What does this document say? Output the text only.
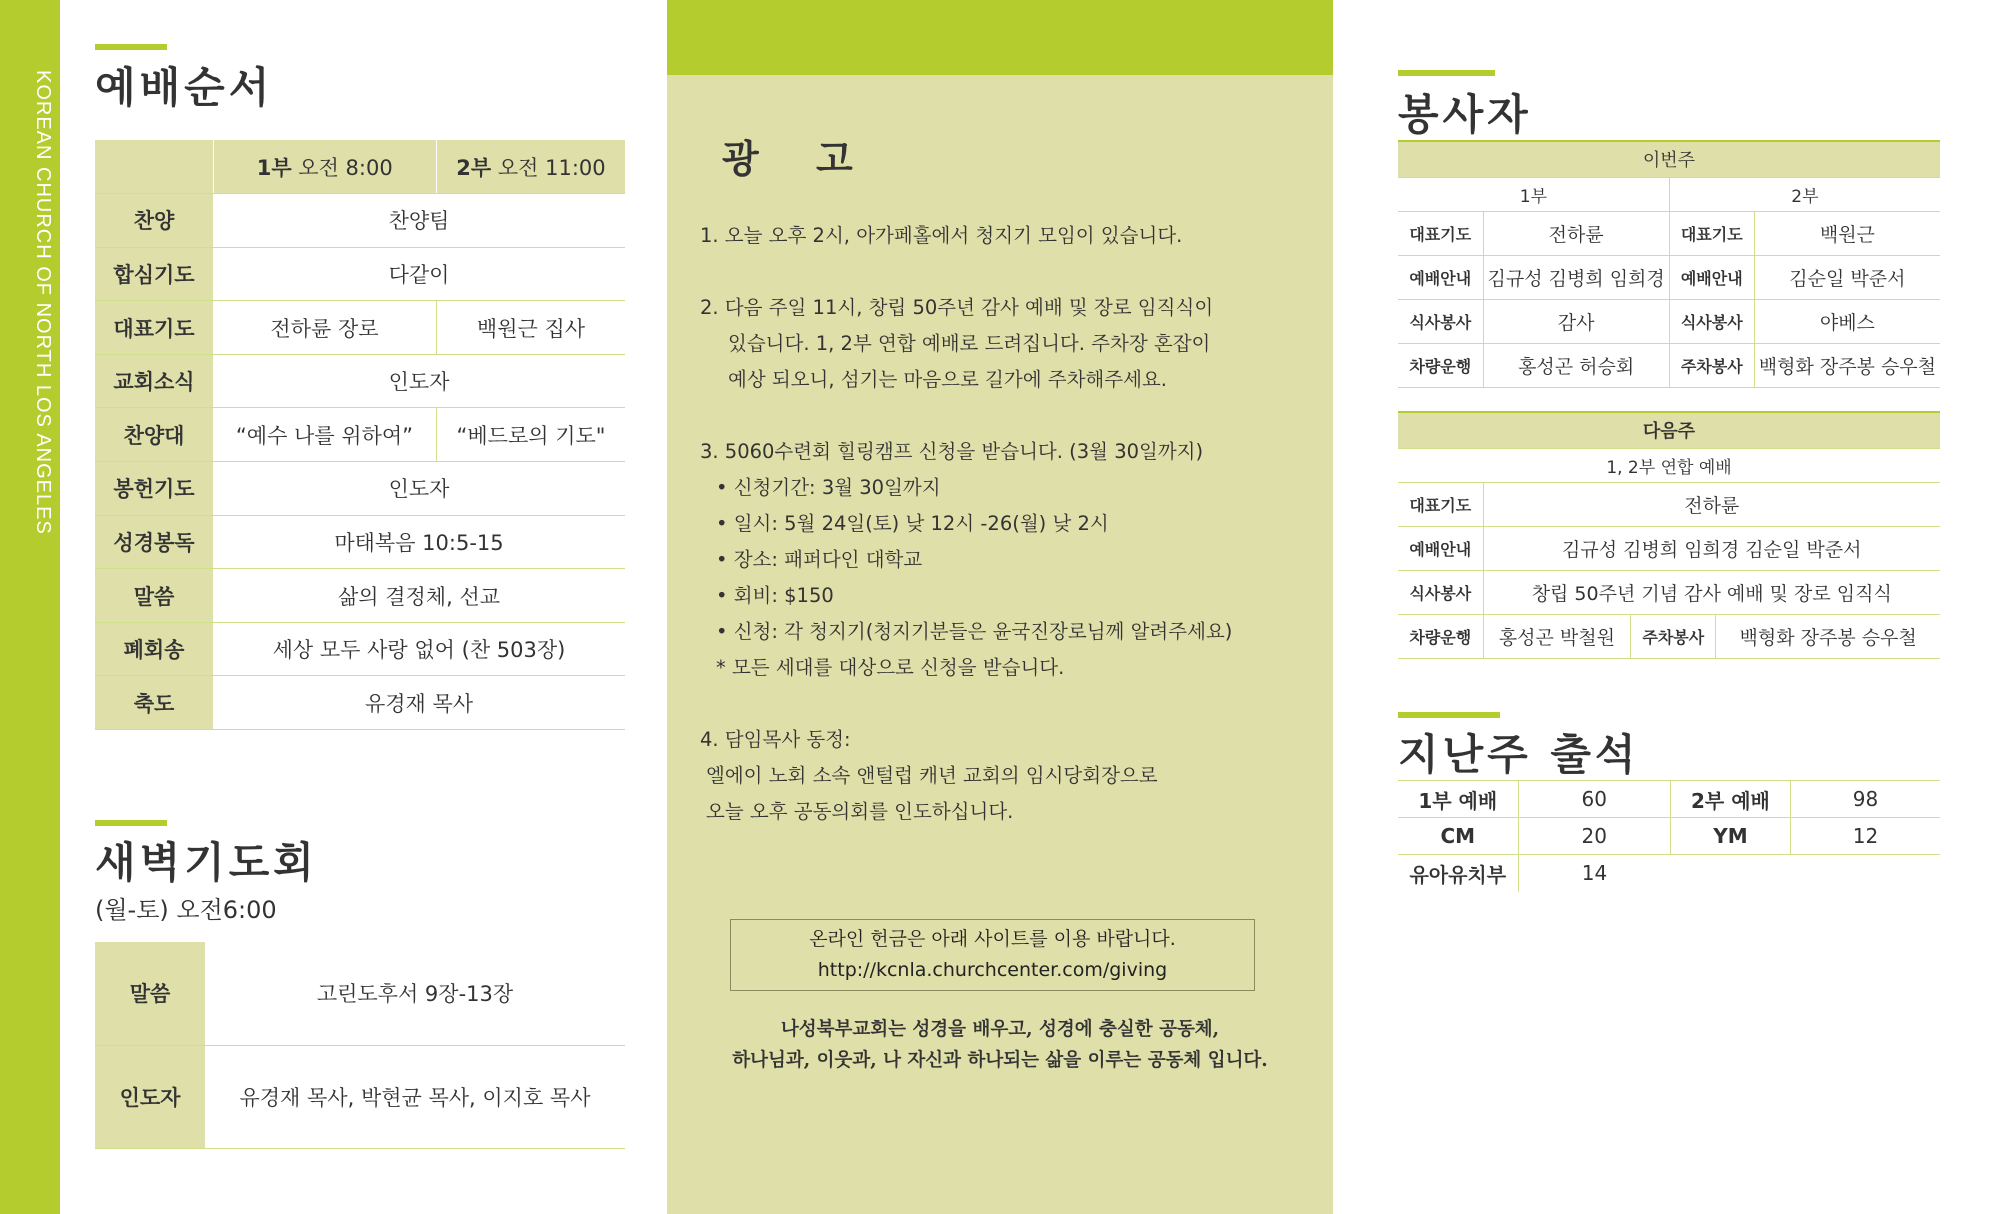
KOREAN CHURCH OF NORTH LOS ANGELES 예배순서
	1부 오전 8:00	2부 오전 11:00
찬양	찬양팀	
합심기도	다같이	
대표기도	전하륜 장로	백원근 집사
교회소식	인도자	
찬양대	“예수 나를 위하여”	“베드로의 기도"
봉헌기도	인도자	
성경봉독	마태복음 10:5-15	
말씀	삶의 결정체, 선교	
폐회송	세상 모두 사랑 없어 (찬 503장)	
축도	유경재 목사	
새벽기도회
(월-토) 오전6:00
말씀	고린도후서 9장-13장
인도자	유경재 목사, 박현균 목사, 이지호 목사
광 고
1. 오늘 오후 2시, 아가페홀에서 청지기 모임이 있습니다.
2. 다음 주일 11시, 창립 50주년 감사 예배 및 장로 임직식이
있습니다. 1, 2부 연합 예배로 드려집니다. 주차장 혼잡이
예상 되오니, 섬기는 마음으로 길가에 주차해주세요.
3. 5060수련회 힐링캠프 신청을 받습니다. (3월 30일까지)
• 신청기간: 3월 30일까지
• 일시: 5월 24일(토) 낮 12시 -26(월) 낮 2시
• 장소: 패퍼다인 대학교
• 회비: $150
• 신청: 각 청지기(청지기분들은 윤국진장로님께 알려주세요)
* 모든 세대를 대상으로 신청을 받습니다.
4. 담임목사 동정:
엘에이 노회 소속 앤털럽 캐년 교회의 임시당회장으로
오늘 오후 공동의회를 인도하십니다.
온라인 헌금은 아래 사이트를 이용 바랍니다.
http://kcnla.churchcenter.com/giving
나성북부교회는 성경을 배우고, 성경에 충실한 공동체,
하나님과, 이웃과, 나 자신과 하나되는 삶을 이루는 공동체 입니다.
봉사자
이번주			
1부		2부	
대표기도	전하륜	대표기도	백원근
예배안내	김규성 김병희 임희경	예배안내	김순일 박준서
식사봉사	감사	식사봉사	야베스
차량운행	홍성곤 허승회	주차봉사	백형화 장주봉 승우철
다음주			
1, 2부 연합 예배			
대표기도	전하륜		
예배안내	김규성 김병희 임희경 김순일 박준서		
식사봉사	창립 50주년 기념 감사 예배 및 장로 임직식		
차량운행	홍성곤 박철원	주차봉사	백형화 장주봉 승우철
지난주 출석
1부 예배	60	2부 예배	98
CM	20	YM	12
유아유치부	14		
